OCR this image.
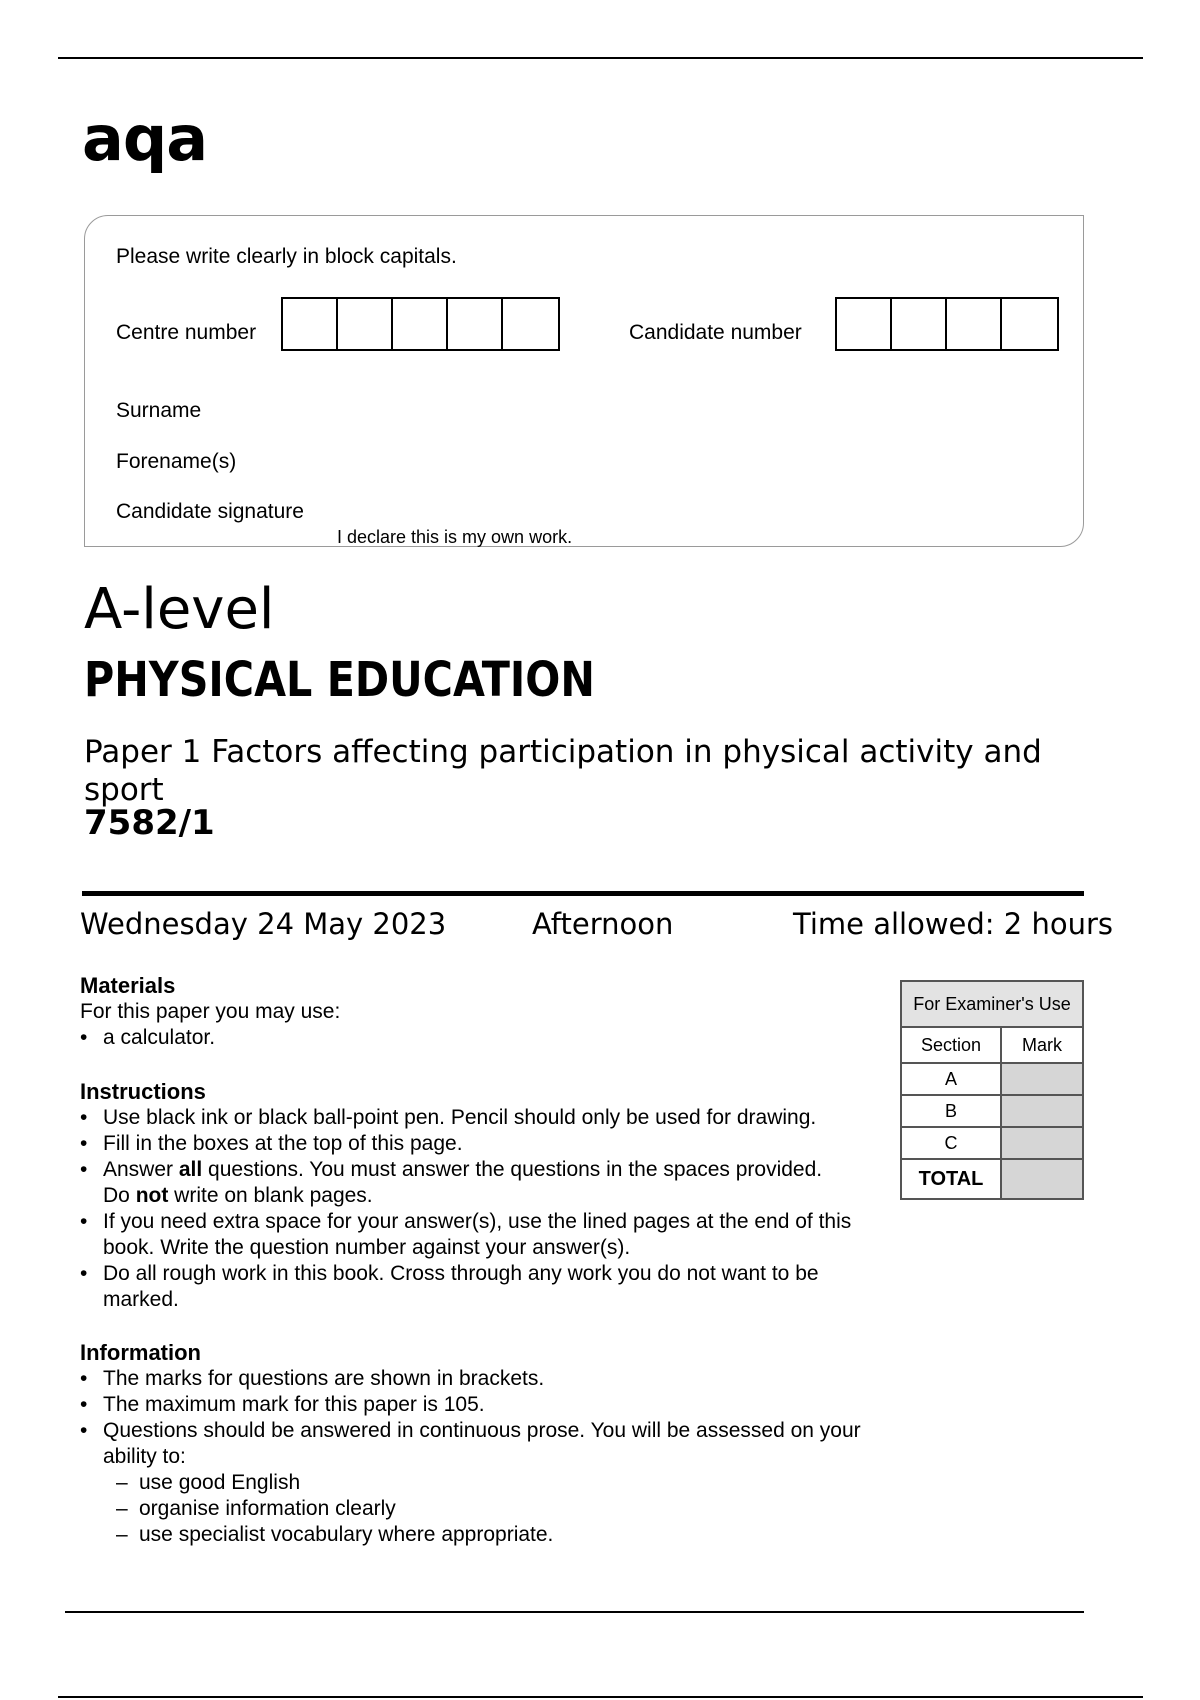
aqa
Please write clearly in block capitals.
Centre number	Candidate number
Surname
Forename(s)
Candidate signature
I declare this is my own work.
A-level
PHYSICAL EDUCATION
Paper 1 Factors affecting participation in physical activity and sport
7582/1
Wednesday 24 May 2023	Afternoon	Time allowed: 2 hours
Materials
For this paper you may use:
• a calculator.
Instructions
• Use black ink or black ball-point pen. Pencil should only be used for drawing.
• Fill in the boxes at the top of this page.
• Answer all questions. You must answer the questions in the spaces provided.
Do not write on blank pages.
• If you need extra space for your answer(s), use the lined pages at the end of this book. Write the question number against your answer(s).
• Do all rough work in this book. Cross through any work you do not want to be marked.
Information
• The marks for questions are shown in brackets.
• The maximum mark for this paper is 105.
• Questions should be answered in continuous prose. You will be assessed on your ability to:
– use good English
– organise information clearly
– use specialist vocabulary where appropriate.
For Examiner's Use	
Section	Mark
A	
B	
C	
TOTAL	
